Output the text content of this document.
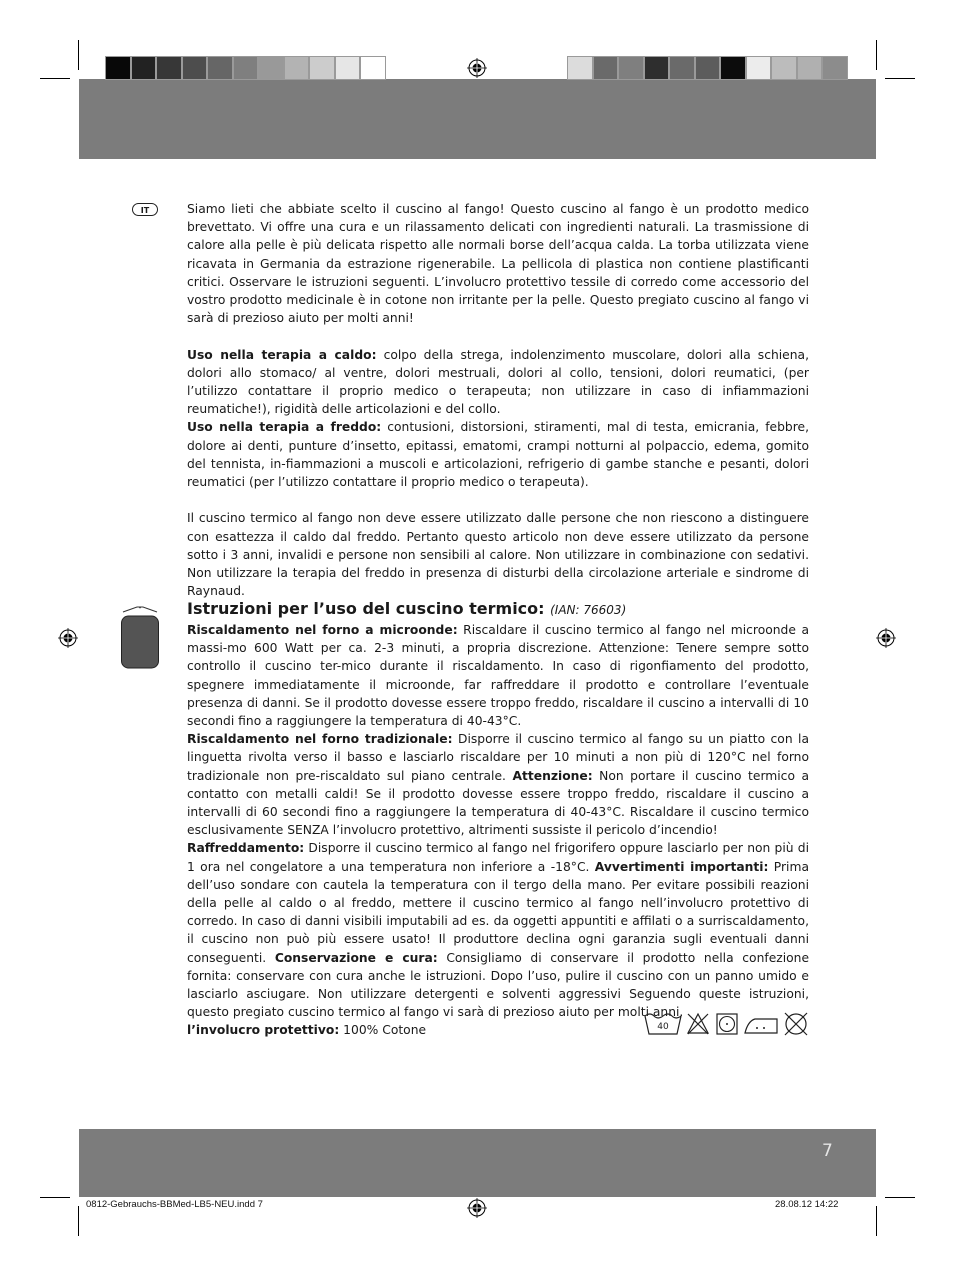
IT	Siamo lieti che abbiate scelto il cuscino al fango! Questo cuscino al fango è un prodotto medico brevettato. Vi offre una cura e un rilassamento delicati con ingredienti naturali. La trasmissione di calore alla pelle è più delicata rispetto alle normali borse dell’acqua calda. La torba utilizzata viene ricavata in Germania da estrazione rigenerabile. La pellicola di plastica non contiene plastificanti critici. Osservare le istruzioni seguenti. L’involucro protettivo tessile di corredo come accessorio del vostro prodotto medicinale è in cotone non irritante per la pelle. Questo pregiato cuscino al fango vi sarà di prezioso aiuto per molti anni!

Uso nella terapia a caldo: colpo della strega, indolenzimento muscolare, dolori alla schiena, dolori allo stomaco/ al ventre, dolori mestruali, dolori al collo, tensioni, dolori reumatici, (per l’utilizzo contattare il proprio medico o terapeuta; non utilizzare in caso di infiammazioni reumatiche!), rigidità delle articolazioni e del collo.

Uso nella terapia a freddo: contusioni, distorsioni, stiramenti, mal di testa, emicrania, febbre, dolore ai denti, punture d’insetto, epitassi, ematomi, crampi notturni al polpaccio, edema, gomito del tennista, in-fiammazioni a muscoli e articolazioni, refrigerio di gambe stanche e pesanti, dolori reumatici (per l’utilizzo contattare il proprio medico o terapeuta).

Il cuscino termico al fango non deve essere utilizzato dalle persone che non riescono a distinguere con esattezza il caldo dal freddo. Pertanto questo articolo non deve essere utilizzato da persone sotto i 3 anni, invalidi e persone non sensibili al calore. Non utilizzare in combinazione con sedativi. Non utilizzare la terapia del freddo in presenza di disturbi della circolazione arteriale e sindrome di Raynaud.

Istruzioni per l’uso del cuscino termico: (IAN: 76603)

Riscaldamento nel forno a microonde: Riscaldare il cuscino termico al fango nel microonde a massi-mo 600 Watt per ca. 2-3 minuti, a propria discrezione. Attenzione: Tenere sempre sotto controllo il cuscino ter-mico durante il riscaldamento. In caso di rigonfiamento del prodotto, spegnere immediatamente il microonde, far raffreddare il prodotto e controllare l’eventuale presenza di danni. Se il prodotto dovesse essere troppo freddo, riscaldare il cuscino a intervalli di 10 secondi fino a raggiungere la temperatura di 40-43°C.

Riscaldamento nel forno tradizionale: Disporre il cuscino termico al fango su un piatto con la linguetta rivolta verso il basso e lasciarlo riscaldare per 10 minuti a non più di 120°C nel forno tradizionale non pre-riscaldato sul piano centrale. Attenzione: Non portare il cuscino termico a contatto con metalli caldi! Se il prodotto dovesse essere troppo freddo, riscaldare il cuscino a intervalli di 60 secondi fino a raggiungere la temperatura di 40-43°C. Riscaldare il cuscino termico esclusivamente SENZA l’involucro protettivo, altrimenti sussiste il pericolo d’incendio!

Raffreddamento: Disporre il cuscino termico al fango nel frigorifero oppure lasciarlo per non più di 1 ora nel congelatore a una temperatura non inferiore a -18°C. Avvertimenti importanti: Prima dell’uso sondare con cautela la temperatura con il tergo della mano. Per evitare possibili reazioni della pelle al caldo o al freddo, mettere il cuscino termico al fango nell’involucro protettivo di corredo. In caso di danni visibili imputabili ad es. da oggetti appuntiti e affilati o a surriscaldamento, il cuscino non può più essere usato! Il produttore declina ogni garanzia sugli eventuali danni conseguenti. Conservazione e cura: Consigliamo di conservare il prodotto nella confezione fornita: conservare con cura anche le istruzioni. Dopo l’uso, pulire il cuscino con un panno umido e lasciarlo asciugare. Non utilizzare detergenti e solventi aggressivi Seguendo queste istruzioni, questo pregiato cuscino termico al fango vi sarà di prezioso aiuto per molti anni.

l’involucro protettivo: 100% Cotone	40
7
0812-Gebrauchs-BBMed-LB5-NEU.indd 7	28.08.12 14:22
